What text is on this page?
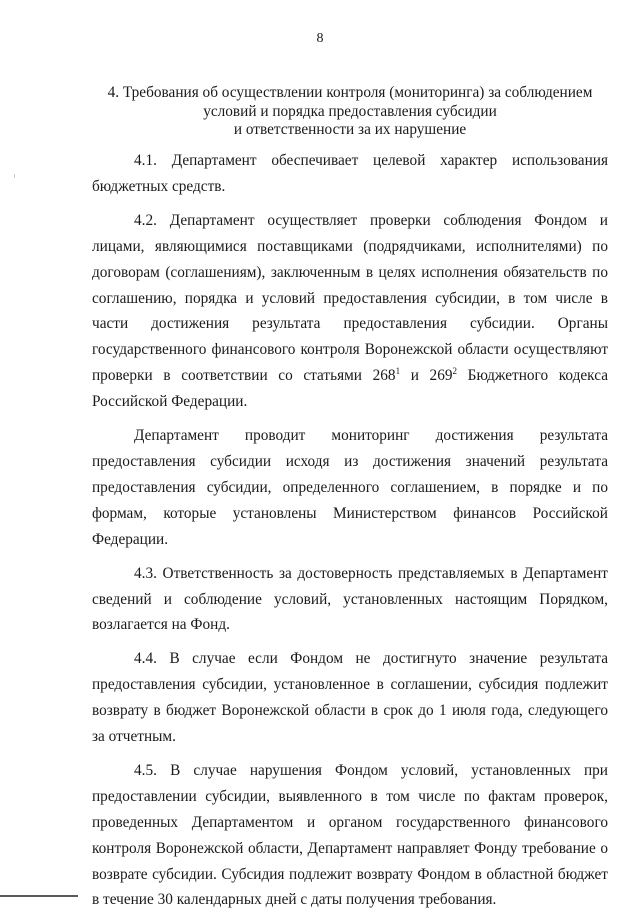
8
4. Требования об осуществлении контроля (мониторинга) за соблюдением
условий и порядка предоставления субсидии
и ответственности за их нарушение

4.1. Департамент обеспечивает целевой характер использования бюджетных средств.

4.2. Департамент осуществляет проверки соблюдения Фондом и лицами, являющимися поставщиками (подрядчиками, исполнителями) по договорам (соглашениям), заключенным в целях исполнения обязательств по соглашению, порядка и условий предоставления субсидии, в том числе в части достижения результата предоставления субсидии. Органы государственного финансового контроля Воронежской области осуществляют проверки в соответствии со статьями $268^1$ и $269^2$ Бюджетного кодекса Российской Федерации.

Департамент проводит мониторинг достижения результата предоставления субсидии исходя из достижения значений результата предоставления субсидии, определенного соглашением, в порядке и по формам, которые установлены Министерством финансов Российской Федерации.

4.3. Ответственность за достоверность представляемых в Департамент сведений и соблюдение условий, установленных настоящим Порядком, возлагается на Фонд.

4.4. В случае если Фондом не достигнуто значение результата предоставления субсидии, установленное в соглашении, субсидия подлежит возврату в бюджет Воронежской области в срок до 1 июля года, следующего за отчетным.

4.5. В случае нарушения Фондом условий, установленных при предоставлении субсидии, выявленного в том числе по фактам проверок, проведенных Департаментом и органом государственного финансового контроля Воронежской области, Департамент направляет Фонду требование о возврате субсидии. Субсидия подлежит возврату Фондом в областной бюджет в течение 30 календарных дней с даты получения требования.
